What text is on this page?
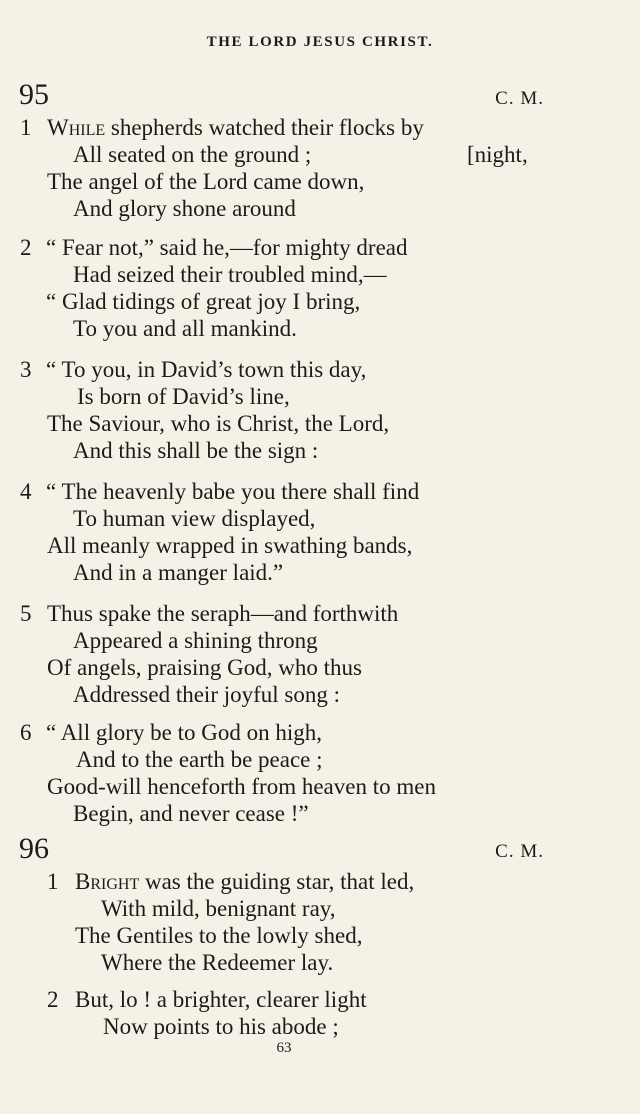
THE LORD JESUS CHRIST.
95	C. M.
1 While shepherds watched their flocks by
All seated on the ground ;	[night,
The angel of the Lord came down,
And glory shone around
2 “ Fear not,” said he,—for mighty dread
Had seized their troubled mind,—
“ Glad tidings of great joy I bring,
To you and all mankind.
3 “ To you, in David’s town this day,
Is born of David’s line,
The Saviour, who is Christ, the Lord,
And this shall be the sign :
4 “ The heavenly babe you there shall find
To human view displayed,
All meanly wrapped in swathing bands,
And in a manger laid.”
5 Thus spake the seraph—and forthwith
Appeared a shining throng
Of angels, praising God, who thus
Addressed their joyful song :
6 “ All glory be to God on high,
And to the earth be peace ;
Good-will henceforth from heaven to men
Begin, and never cease !”
96	C. M.
1 Bright was the guiding star, that led,
With mild, benignant ray,
The Gentiles to the lowly shed,
Where the Redeemer lay.
2 But, lo ! a brighter, clearer light
Now points to his abode ;
63
